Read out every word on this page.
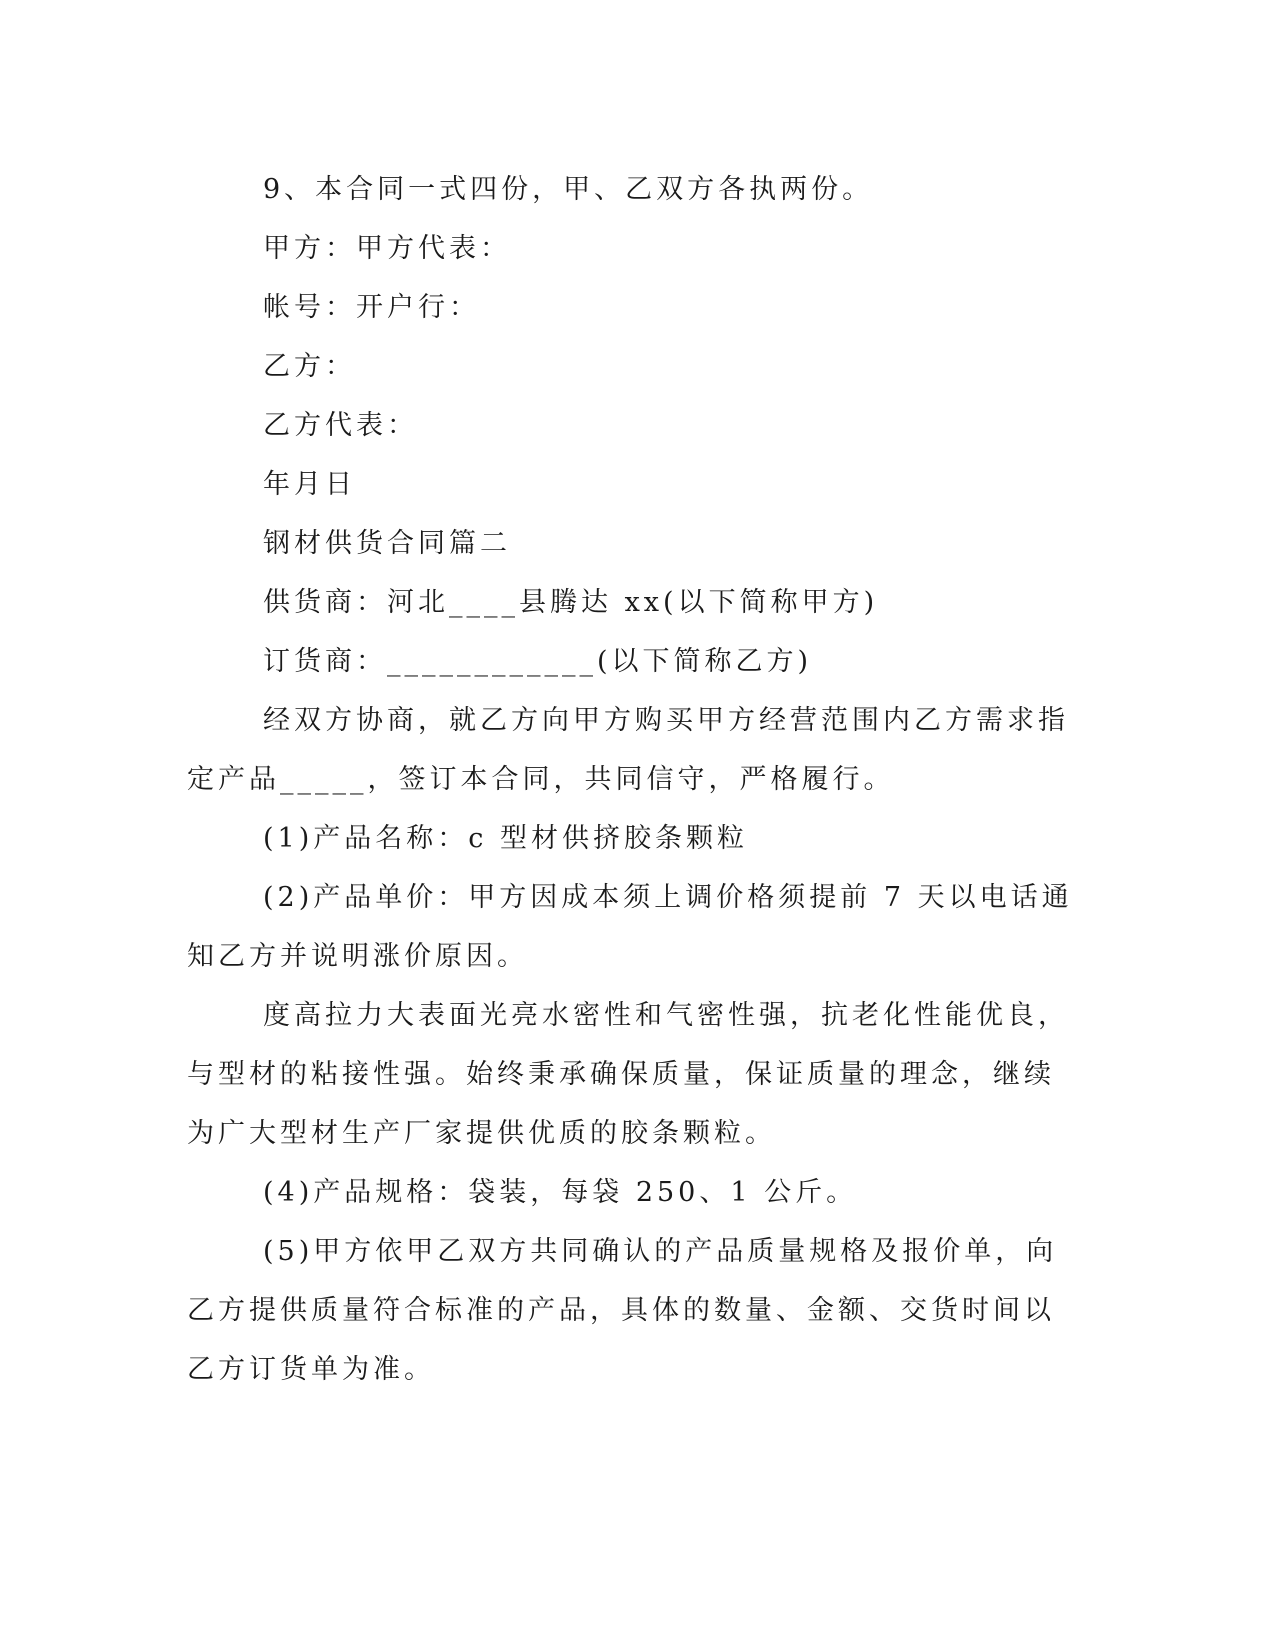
9、本合同一式四份，甲、乙双方各执两份。

甲方：甲方代表：

帐号：开户行：

乙方：

乙方代表：

年月日

钢材供货合同篇二

供货商：河北____县腾达 xx(以下简称甲方)

订货商：____________(以下简称乙方)

经双方协商，就乙方向甲方购买甲方经营范围内乙方需求指定产品_____，签订本合同，共同信守，严格履行。

(1)产品名称：c 型材供挤胶条颗粒

(2)产品单价：甲方因成本须上调价格须提前 7 天以电话通知乙方并说明涨价原因。

度高拉力大表面光亮水密性和气密性强，抗老化性能优良，与型材的粘接性强。始终秉承确保质量，保证质量的理念，继续为广大型材生产厂家提供优质的胶条颗粒。

(4)产品规格：袋装，每袋 250、1 公斤。

(5)甲方依甲乙双方共同确认的产品质量规格及报价单，向乙方提供质量符合标准的产品，具体的数量、金额、交货时间以乙方订货单为准。
